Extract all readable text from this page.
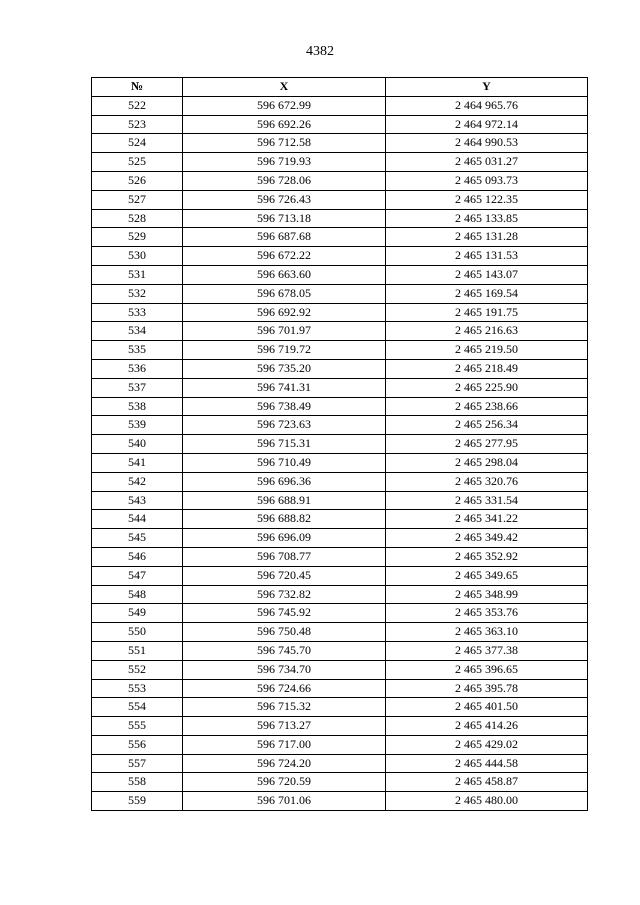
4382
№	X	Y
522	596 672.99	2 464 965.76
523	596 692.26	2 464 972.14
524	596 712.58	2 464 990.53
525	596 719.93	2 465 031.27
526	596 728.06	2 465 093.73
527	596 726.43	2 465 122.35
528	596 713.18	2 465 133.85
529	596 687.68	2 465 131.28
530	596 672.22	2 465 131.53
531	596 663.60	2 465 143.07
532	596 678.05	2 465 169.54
533	596 692.92	2 465 191.75
534	596 701.97	2 465 216.63
535	596 719.72	2 465 219.50
536	596 735.20	2 465 218.49
537	596 741.31	2 465 225.90
538	596 738.49	2 465 238.66
539	596 723.63	2 465 256.34
540	596 715.31	2 465 277.95
541	596 710.49	2 465 298.04
542	596 696.36	2 465 320.76
543	596 688.91	2 465 331.54
544	596 688.82	2 465 341.22
545	596 696.09	2 465 349.42
546	596 708.77	2 465 352.92
547	596 720.45	2 465 349.65
548	596 732.82	2 465 348.99
549	596 745.92	2 465 353.76
550	596 750.48	2 465 363.10
551	596 745.70	2 465 377.38
552	596 734.70	2 465 396.65
553	596 724.66	2 465 395.78
554	596 715.32	2 465 401.50
555	596 713.27	2 465 414.26
556	596 717.00	2 465 429.02
557	596 724.20	2 465 444.58
558	596 720.59	2 465 458.87
559	596 701.06	2 465 480.00
